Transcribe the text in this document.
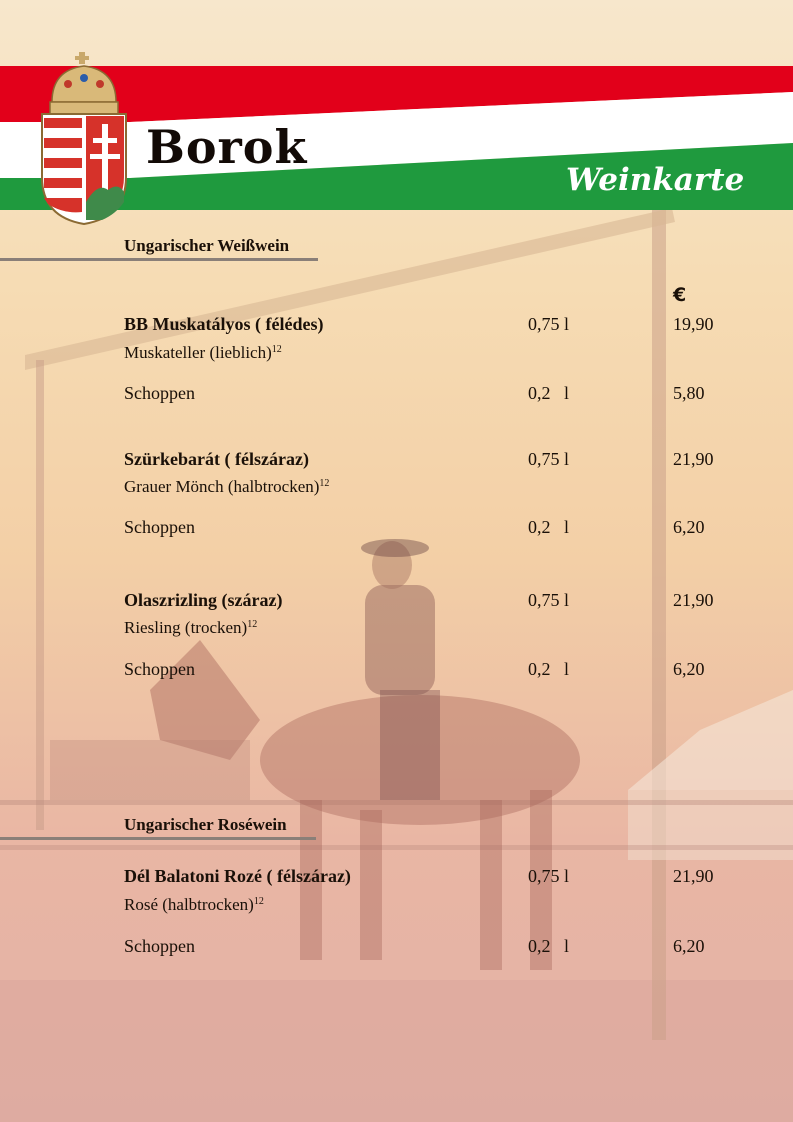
Borok
Weinkarte
Ungarischer Weißwein
€
BB Muskatályos ( félédes)	0,75 l	19,90
Muskateller (lieblich)$^{12}$
Schoppen	0,2   l	5,80
Szürkebarát ( félszáraz)	0,75 l	21,90
Grauer Mönch (halbtrocken)$^{12}$
Schoppen	0,2   l	6,20
Olaszrizling (száraz)	0,75 l	21,90
Riesling (trocken)$^{12}$
Schoppen	0,2   l	6,20
Ungarischer Roséwein
Dél Balatoni Rozé ( félszáraz)	0,75 l	21,90
Rosé (halbtrocken)$^{12}$
Schoppen	0,2   l	6,20
